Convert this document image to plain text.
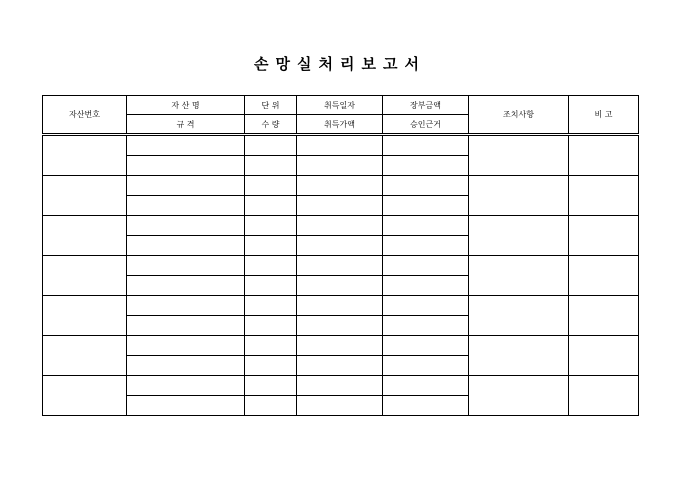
손망실처리보고서
자산번호	자 산 명	단 위	취득일자	장부금액	조치사항	비 고
	규 격	수 량	취득가액	승인근거		
